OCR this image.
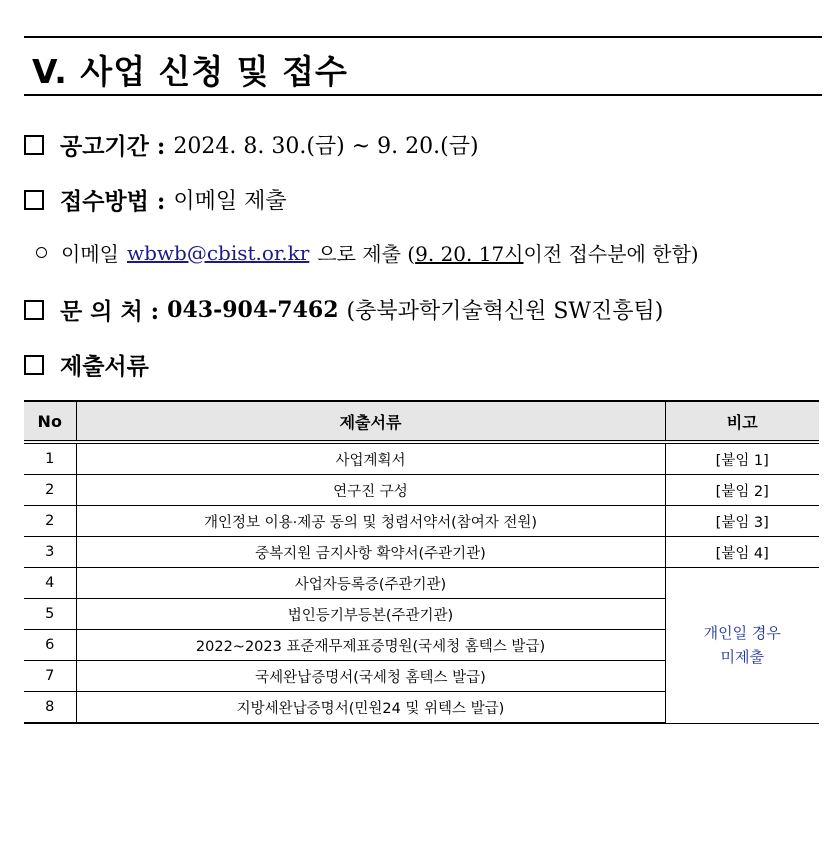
V. 사업 신청 및 접수
공고기간 : 2024. 8. 30.(금) ~ 9. 20.(금)
접수방법 : 이메일 제출
이메일 wbwb@cbist.or.kr 으로 제출 ( 9. 20. 17시 이전 접수분에 한함)
문 의 처 : 043-904-7462 (충북과학기술혁신원 SW진흥팀)
제출서류
No	제출서류	비고
1	사업계획서	[붙임 1]
2	연구진 구성	[붙임 2]
2	개인정보 이용·제공 동의 및 청렴서약서(참여자 전원)	[붙임 3]
3	중복지원 금지사항 확약서(주관기관)	[붙임 4]
4	사업자등록증(주관기관)	개인일 경우
미제출

5	법인등기부등본(주관기관)	
6	2022~2023 표준재무제표증명원(국세청 홈텍스 발급)	
7	국세완납증명서(국세청 홈텍스 발급)	
8	지방세완납증명서(민원24 및 위텍스 발급)	
